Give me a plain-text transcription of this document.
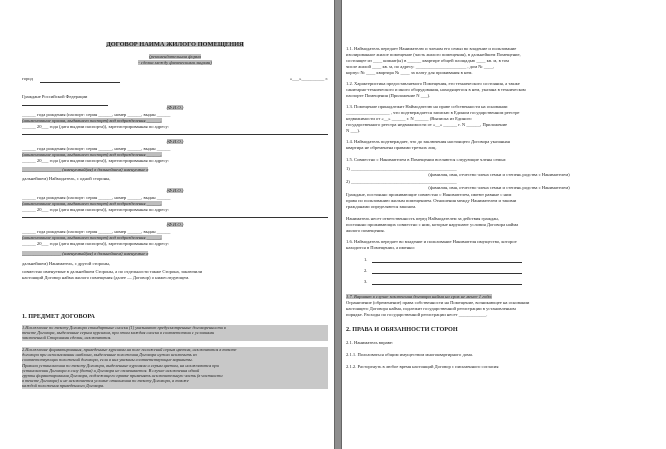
ДОГОВОР НАЙМА ЖИЛОГО ПОМЕЩЕНИЯ
(рекомендательная форма
- сделка между физическими лицами)
город	«___»__________ г.
Граждане Российской Федерации
(Ф.И.О.)
______ года рождения (паспорт: серия ______, номер ______, выдан ______
(наименование органа, выдавшего паспорт) код подразделения ______,
______ 20___ года (дата выдачи паспорта)), зарегистрированная по адресу:
(Ф.И.О.)
______ года рождения (паспорт: серия ______, номер ______, выдан ______
(наименование органа, выдавшего паспорт) код подразделения ______,
______ 20___ года (дата выдачи паспорта)), зарегистрированная по адресу:
_________________ (именуемый(ая) в дальнейшем) именуемые в
дальнейшем) Наймодатель, с одной стороны,
(Ф.И.О.)
______ года рождения (паспорт: серия ______, номер ______, выдан ______
(наименование органа, выдавшего паспорт) код подразделения ______,
______ 20___ года (дата выдачи паспорта)), зарегистрированная по адресу:
(Ф.И.О.)
______ года рождения (паспорт: серия ______, номер ______, выдан ______
(наименование органа, выдавшего паспорт) код подразделения ______,
______ 20___ года (дата выдачи паспорта)), зарегистрированная по адресу:
_________________ (именуемый(ая) в дальнейшем) именуемые в
дальнейшем) Наниматель, с другой стороны,
совместно именуемые в дальнейшем Стороны, а по отдельности также Сторона, заключили
настоящий Договор найма жилого помещения (далее — Договор) о нижеследующем.
1. ПРЕДМЕТ ДОГОВОРА
1.Исключение по тексту Договора стандартные сноски (1) указывают предусмотренные договоренности в
тексте Договора, выделенные серым курсивом, при этом каждая сноска в соответствии с условиями
заключенной Сторонами сделки, исключаются.
2.Исключение форматирования, приведенные курсивом на поле положений серым цветом, исключаются в тексте
договора при использовании шаблона, выделенные положения Договора нужно исключить из
соответствующих положений договора, если в них указаны соответствующие варианты.
Правила установления по тексту Договора, выделенные курсивом и серым цветом, на исключаются при
установлении Договора в силу (дата) и Договора не оплачивается. В случае исключения одной
группы форматирования Договора, подлежащего правке применять исключительную часть (в частности
в тексте Договора) и не исключается условие отношения по тексту Договора, а также
каждой положения приведенного Договора.
1.1. Наймодатель передает Нанимателю и членам его семьи во владение и пользование
изолированное жилое помещение (часть жилого помещения), в дальнейшем Помещение,
состоящее из ____ комнат(ы) в ______ квартире общей площадью ____ кв. м, в том
числе жилой ____ кв. м, по адресу: ______________________ , дом № ____,
корпус № ____ квартира № ____ за плату для проживания в нем.
1.2. Характеристика предоставляемого Помещения, его технического состояния, а также
санитарно-технического и иного оборудования, находящегося в нем, указана в техническом
паспорте Помещения (Приложение N ___).
1.3. Помещение принадлежит Наймодателю на праве собственности на основании
___________________ , что подтверждается записью в Едином государственном реестре
недвижимости от «__» ______ г. N ______ (Выписка из Единого
государственного реестра недвижимости от «__» ______ г. N ______, Приложение
N ___).
1.4. Наймодатель подтверждает, что до заключения настоящего Договора указанная
квартира не обременена правами третьих лиц.
1.5. Совместно с Нанимателем в Помещении вселяются следующие члены семьи:
1) ______________________________________________
(фамилия, имя, отчество члена семьи и степень родства с Нанимателем)
2) ______________________________________________
(фамилия, имя, отчество члена семьи и степень родства с Нанимателем)
Граждане, постоянно проживающие совместно с Нанимателем, имеют равные с ним
права по пользованию жилым помещением. Отношения между Нанимателем и такими
гражданами определяются законом.
Наниматель несет ответственность перед Наймодателем за действия граждан,
постоянно проживающих совместно с ним, которые нарушают условия Договора найма
жилого помещения.
1.6. Наймодатель передает во владение и пользование Нанимателя имущество, которое
находится в Помещении, а именно:
1.
2.
3.
1.7. Вариант в случае заключения договора найма на срок не менее 1 года:
Ограничение (обременение) права собственности на Помещение, возникающее на основании
настоящего Договора найма, подлежит государственной регистрации в установленном
порядке. Расходы по государственной регистрации несет ____________.
2. ПРАВА И ОБЯЗАННОСТИ СТОРОН
2.1. Наниматель вправе:
2.1.1. Пользоваться общим имуществом многоквартирного дома.
2.1.2. Расторгнуть в любое время настоящий Договор с письменного согласия
